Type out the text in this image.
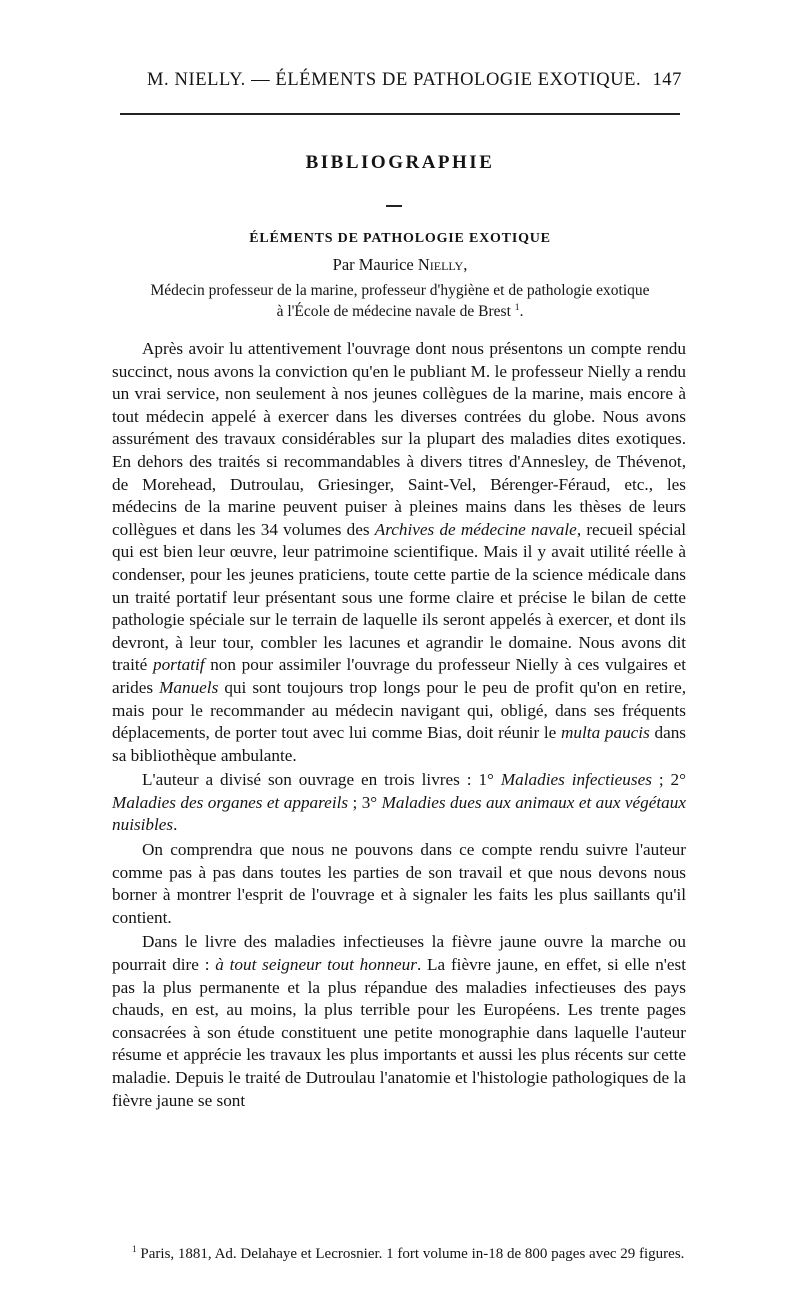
M. NIELLY. — ÉLÉMENTS DE PATHOLOGIE EXOTIQUE. 147
BIBLIOGRAPHIE
ÉLÉMENTS DE PATHOLOGIE EXOTIQUE
Par Maurice Nielly,
Médecin professeur de la marine, professeur d'hygiène et de pathologie exotique
à l'École de médecine navale de Brest $^1$.

Après avoir lu attentivement l'ouvrage dont nous présentons un compte rendu succinct, nous avons la conviction qu'en le publiant M. le professeur Nielly a rendu un vrai service, non seulement à nos jeunes collègues de la marine, mais encore à tout médecin appelé à exercer dans les diverses contrées du globe. Nous avons assurément des travaux considérables sur la plupart des maladies dites exotiques. En dehors des traités si recommandables à divers titres d'Annesley, de Thévenot, de Morehead, Dutroulau, Griesinger, Saint-Vel, Bérenger-Féraud, etc., les médecins de la marine peuvent puiser à pleines mains dans les thèses de leurs collègues et dans les 34 volumes des Archives de médecine navale, recueil spécial qui est bien leur œuvre, leur patrimoine scientifique. Mais il y avait utilité réelle à condenser, pour les jeunes praticiens, toute cette partie de la science médicale dans un traité portatif leur présentant sous une forme claire et précise le bilan de cette pathologie spéciale sur le terrain de laquelle ils seront appelés à exercer, et dont ils devront, à leur tour, combler les lacunes et agrandir le domaine. Nous avons dit traité portatif non pour assimiler l'ouvrage du professeur Nielly à ces vulgaires et arides Manuels qui sont toujours trop longs pour le peu de profit qu'on en retire, mais pour le recommander au médecin navigant qui, obligé, dans ses fréquents déplacements, de porter tout avec lui comme Bias, doit réunir le multa paucis dans sa bibliothèque ambulante.

L'auteur a divisé son ouvrage en trois livres : 1° Maladies infectieuses ; 2° Maladies des organes et appareils ; 3° Maladies dues aux animaux et aux végétaux nuisibles.

On comprendra que nous ne pouvons dans ce compte rendu suivre l'auteur comme pas à pas dans toutes les parties de son travail et que nous devons nous borner à montrer l'esprit de l'ouvrage et à signaler les faits les plus saillants qu'il contient.

Dans le livre des maladies infectieuses la fièvre jaune ouvre la marche ou pourrait dire : à tout seigneur tout honneur. La fièvre jaune, en effet, si elle n'est pas la plus permanente et la plus répandue des maladies infectieuses des pays chauds, en est, au moins, la plus terrible pour les Européens. Les trente pages consacrées à son étude constituent une petite monographie dans laquelle l'auteur résume et apprécie les travaux les plus importants et aussi les plus récents sur cette maladie. Depuis le traité de Dutroulau l'anatomie et l'histologie pathologiques de la fièvre jaune se sont

$^1$ Paris, 1881, Ad. Delahaye et Lecrosnier. 1 fort volume in-18 de 800 pages avec 29 figures.
